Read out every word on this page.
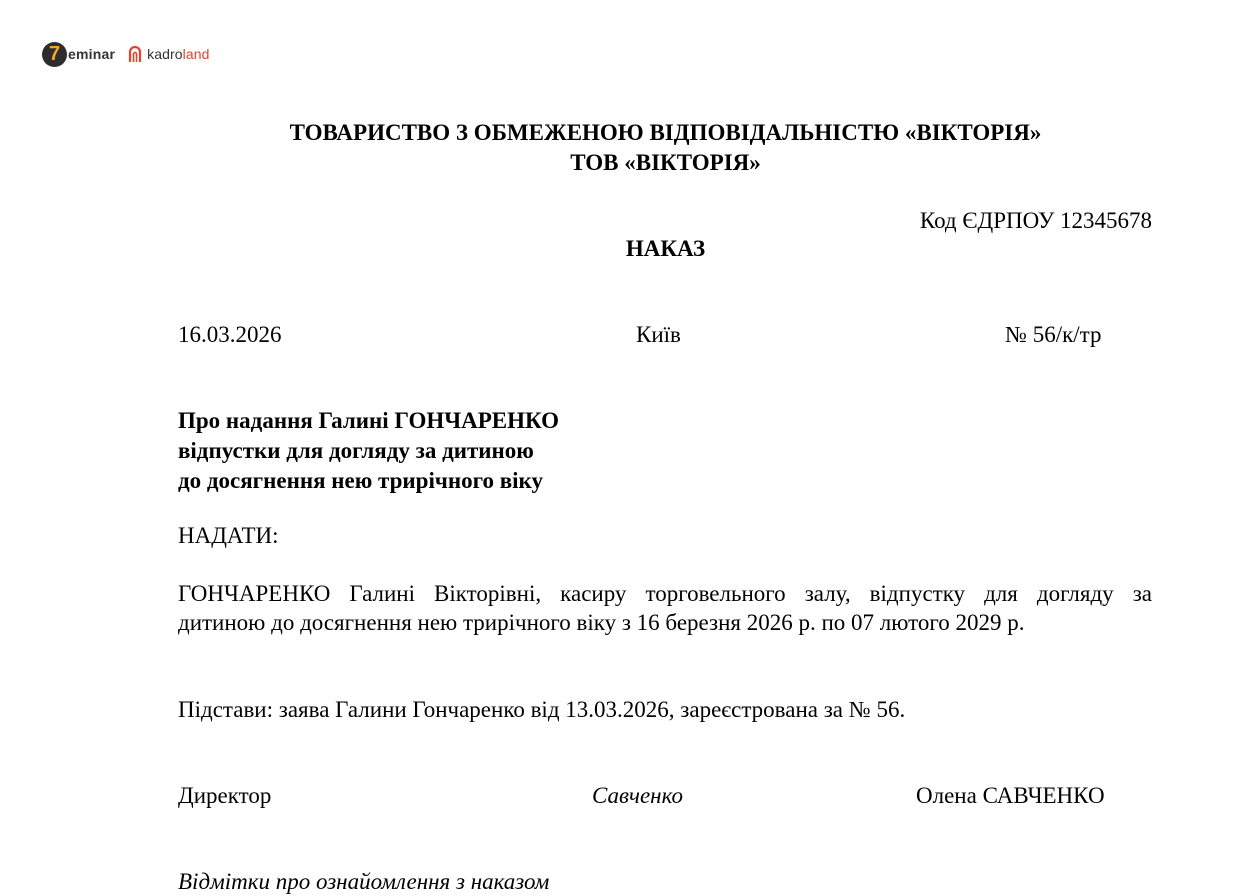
7 eminar kadroland
ТОВАРИСТВО З ОБМЕЖЕНОЮ ВІДПОВІДАЛЬНІСТЮ «ВІКТОРІЯ»
ТОВ «ВІКТОРІЯ»
Код ЄДРПОУ 12345678
НАКАЗ
16.03.2026	Київ	№ 56/к/тр
Про надання Галині ГОНЧАРЕНКО
відпустки для догляду за дитиною
до досягнення нею трирічного віку
НАДАТИ:
ГОНЧАРЕНКО Галині Вікторівні, касиру торговельного залу, відпустку для догляду за
дитиною до досягнення нею трирічного віку з 16 березня 2026 р. по 07 лютого 2029 р.
Підстави: заява Галини Гончаренко від 13.03.2026, зареєстрована за № 56.
Директор	Савченко	Олена САВЧЕНКО
Відмітки про ознайомлення з наказом
